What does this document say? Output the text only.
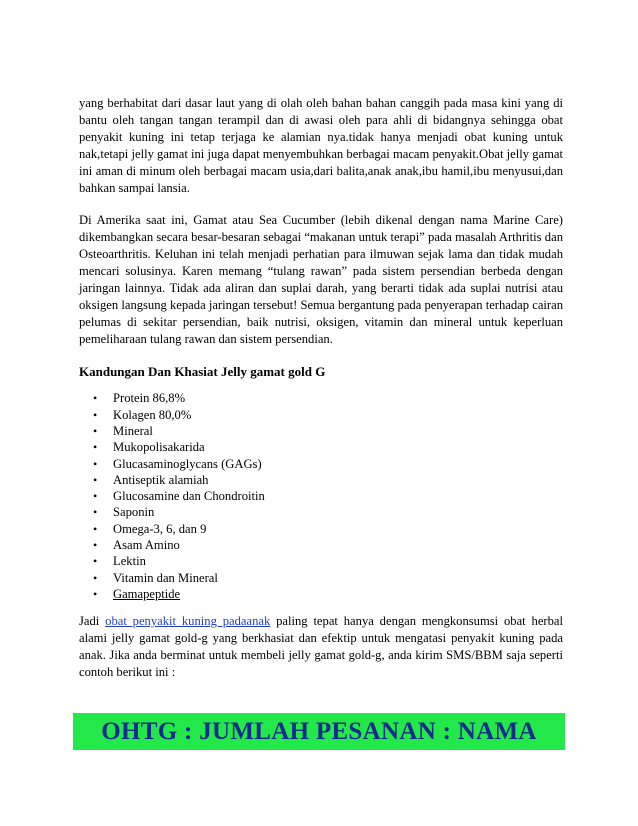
yang berhabitat dari dasar laut yang di olah oleh bahan bahan canggih pada masa kini yang di bantu oleh tangan tangan terampil dan di awasi oleh para ahli di bidangnya sehingga obat penyakit kuning ini tetap terjaga ke alamian nya.tidak hanya menjadi obat kuning untuk nak,tetapi jelly gamat ini juga dapat menyembuhkan berbagai macam penyakit.Obat jelly gamat ini aman di minum oleh berbagai macam usia,dari balita,anak anak,ibu hamil,ibu menyusui,dan bahkan sampai lansia.

Di Amerika saat ini, Gamat atau Sea Cucumber (lebih dikenal dengan nama Marine Care) dikembangkan secara besar-besaran sebagai “makanan untuk terapi” pada masalah Arthritis dan Osteoarthritis. Keluhan ini telah menjadi perhatian para ilmuwan sejak lama dan tidak mudah mencari solusinya. Karen memang “tulang rawan” pada sistem persendian berbeda dengan jaringan lainnya. Tidak ada aliran dan suplai darah, yang berarti tidak ada suplai nutrisi atau oksigen langsung kepada jaringan tersebut! Semua bergantung pada penyerapan terhadap cairan pelumas di sekitar persendian, baik nutrisi, oksigen, vitamin dan mineral untuk keperluan pemeliharaan tulang rawan dan sistem persendian.

Kandungan Dan Khasiat Jelly gamat gold G
• Protein 86,8%
• Kolagen 80,0%
• Mineral
• Mukopolisakarida
• Glucasaminoglycans (GAGs)
• Antiseptik alamiah
• Glucosamine dan Chondroitin
• Saponin
• Omega-3, 6, dan 9
• Asam Amino
• Lektin
• Vitamin dan Mineral
• Gamapeptide

Jadi obat penyakit kuning padaanak paling tepat hanya dengan mengkonsumsi obat herbal alami jelly gamat gold-g yang berkhasiat dan efektip untuk mengatasi penyakit kuning pada anak. Jika anda berminat untuk membeli jelly gamat gold-g, anda kirim SMS/BBM saja seperti contoh berikut ini :

OHTG : JUMLAH PESANAN : NAMA
